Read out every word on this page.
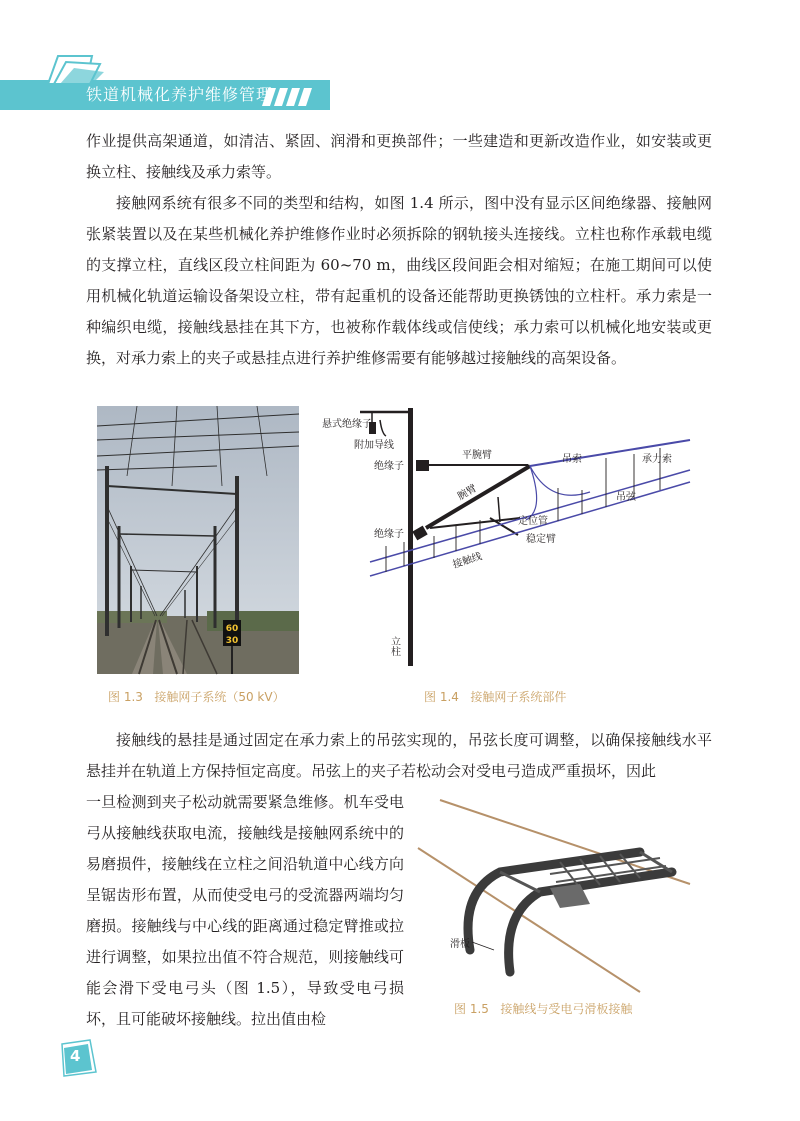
铁道机械化养护维修管理

作业提供高架通道，如清洁、紧固、润滑和更换部件；一些建造和更新改造作业，如安装或更换立柱、接触线及承力索等。

接触网系统有很多不同的类型和结构，如图 1.4 所示，图中没有显示区间绝缘器、接触网张紧装置以及在某些机械化养护维修作业时必须拆除的钢轨接头连接线。立柱也称作承载电缆的支撑立柱，直线区段立柱间距为 60~70 m，曲线区段间距会相对缩短；在施工期间可以使用机械化轨道运输设备架设立柱，带有起重机的设备还能帮助更换锈蚀的立柱杆。承力索是一种编织电缆，接触线悬挂在其下方，也被称作载体线或信使线；承力索可以机械化地安装或更换，对承力索上的夹子或悬挂点进行养护维修需要有能够越过接触线的高架设备。

60
30
悬式绝缘子
附加导线
绝缘子
绝缘子
平腕臂
腕臂
吊索	承力索
吊弦
定位管
稳定臂
接触线
立柱
图 1.3   接触网子系统（50 kV）	图 1.4   接触网子系统部件

接触线的悬挂是通过固定在承力索上的吊弦实现的，吊弦长度可调整，以确保接触线水平悬挂并在轨道上方保持恒定高度。吊弦上的夹子若松动会对受电弓造成严重损坏，因此

一旦检测到夹子松动就需要紧急维修。机车受电弓从接触线获取电流，接触线是接触网系统中的易磨损件，接触线在立柱之间沿轨道中心线方向呈锯齿形布置，从而使受电弓的受流器两端均匀磨损。接触线与中心线的距离通过稳定臂推或拉进行调整，如果拉出值不符合规范，则接触线可能会滑下受电弓头（图 1.5），导致受电弓损坏，且可能破坏接触线。拉出值由检

滑板
图 1.5   接触线与受电弓滑板接触
4
